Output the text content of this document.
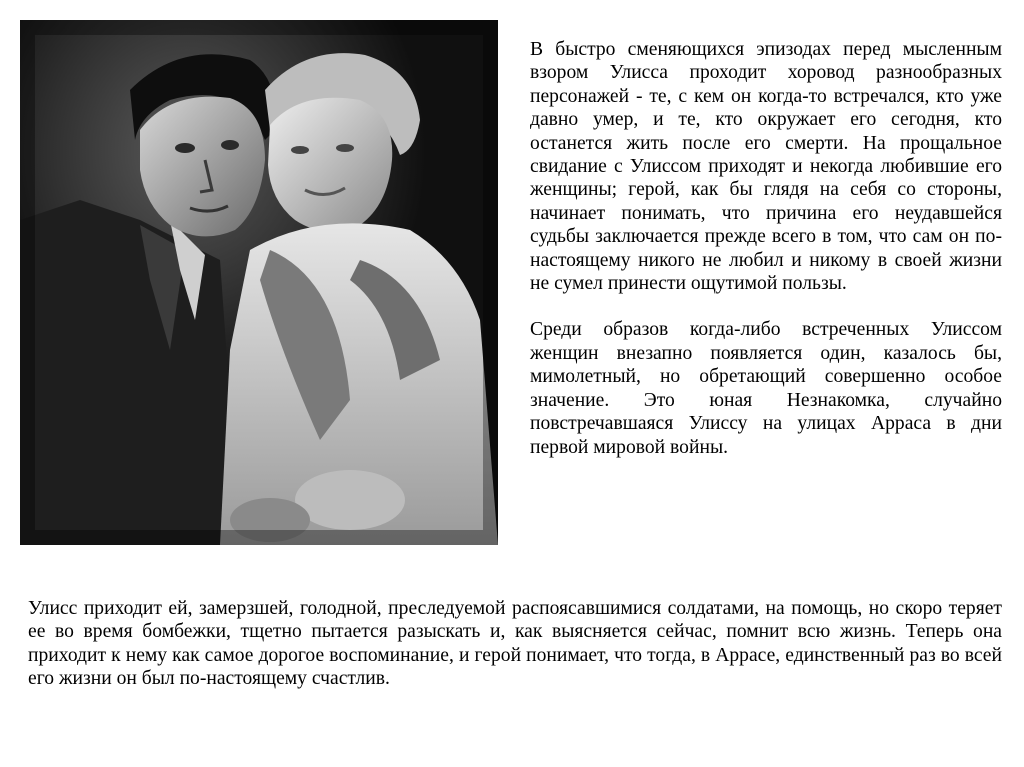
В быстро сменяющихся эпизодах перед мысленным взором Улисса проходит хоровод разнообразных персонажей - те, с кем он когда-то встречался, кто уже давно умер, и те, кто окружает его сегодня, кто останется жить после его смерти. На прощальное свидание с Улиссом приходят и некогда любившие его женщины; герой, как бы глядя на себя со стороны, начинает понимать, что причина его неудавшейся судьбы заключается прежде всего в том, что сам он по-настоящему никого не любил и никому в своей жизни не сумел принести ощутимой пользы.

Среди образов когда-либо встреченных Улиссом женщин внезапно появляется один, казалось бы, мимолетный, но обретающий совершенно особое значение. Это юная Незнакомка, случайно повстречавшаяся Улиссу на улицах Арраса в дни первой мировой войны.

Улисс приходит ей, замерзшей, голодной, преследуемой распоясавшимися солдатами, на помощь, но скоро теряет ее во время бомбежки, тщетно пытается разыскать и, как выясняется сейчас, помнит всю жизнь. Теперь она приходит к нему как самое дорогое воспоминание, и герой понимает, что тогда, в Аррасе, единственный раз во всей его жизни он был по-настоящему счастлив.
